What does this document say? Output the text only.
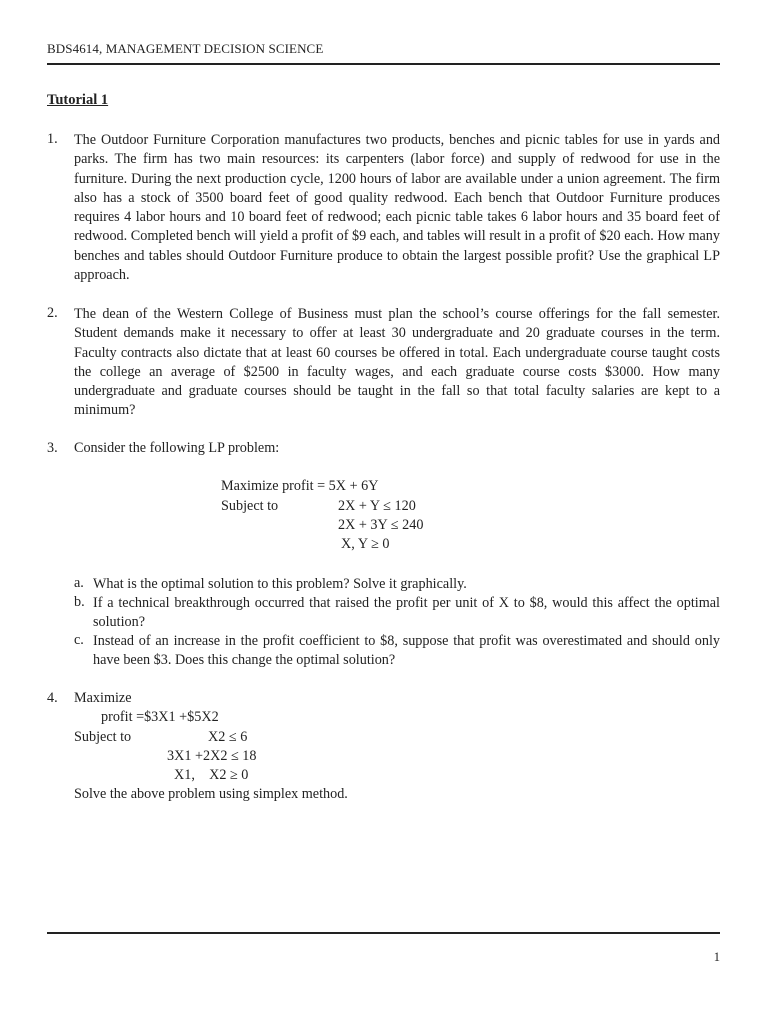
BDS4614, MANAGEMENT DECISION SCIENCE
Tutorial 1
1. The Outdoor Furniture Corporation manufactures two products, benches and picnic tables for use in yards and parks. The firm has two main resources: its carpenters (labor force) and supply of redwood for use in the furniture. During the next production cycle, 1200 hours of labor are available under a union agreement. The firm also has a stock of 3500 board feet of good quality redwood. Each bench that Outdoor Furniture produces requires 4 labor hours and 10 board feet of redwood; each picnic table takes 6 labor hours and 35 board feet of redwood. Completed bench will yield a profit of $9 each, and tables will result in a profit of $20 each. How many benches and tables should Outdoor Furniture produce to obtain the largest possible profit? Use the graphical LP approach.
2. The dean of the Western College of Business must plan the school’s course offerings for the fall semester. Student demands make it necessary to offer at least 30 undergraduate and 20 graduate courses in the term. Faculty contracts also dictate that at least 60 courses be offered in total. Each undergraduate course taught costs the college an average of $2500 in faculty wages, and each graduate course costs $3000. How many undergraduate and graduate courses should be taught in the fall so that total faculty salaries are kept to a minimum?
3. Consider the following LP problem:
Maximize profit = 5X + 6Y
Subject to	2X + Y ≤ 120
2X + 3Y ≤ 240
X, Y ≥ 0
a. What is the optimal solution to this problem? Solve it graphically.
b. If a technical breakthrough occurred that raised the profit per unit of X to $8, would this affect the optimal solution?
c. Instead of an increase in the profit coefficient to $8, suppose that profit was overestimated and should only have been $3. Does this change the optimal solution?
4. Maximize
profit =$3X1 +$5X2
Subject to	X2 ≤ 6
3X1 +2X2 ≤ 18
X1,    X2 ≥ 0
Solve the above problem using simplex method.
1
